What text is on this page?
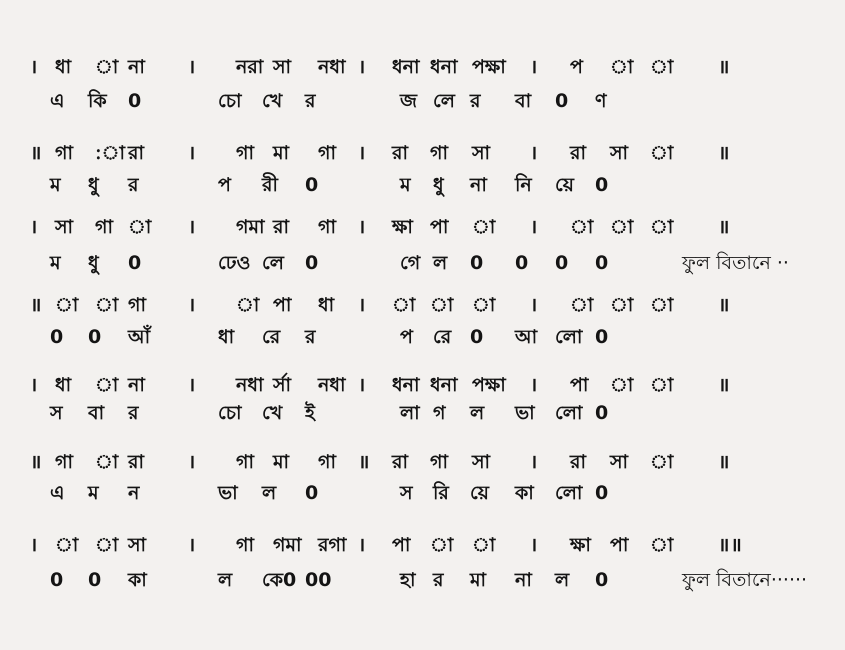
। ধা া না । নরা সা নধা । ধনা ধনা পক্ষা । প া া ॥
এ কি 0	চো খে র	জ লে র বা 0 ণ
॥ গা :া রা । গা মা গা । রা গা সা । রা সা া ॥
ম ধু র	প রী 0	ম ধু না নি য়ে 0
। সা গা া । গমা রা গা । ক্ষা পা া । া া া ॥
ম ধু 0	ঢেও লে 0	গে ল 0 0 0 0	ফুল বিতানে ··
॥ া া গা । া পা ধা । া া া । া া া ॥
0 0 আঁ	ধা রে র	প রে 0 আ লো 0
। ধা া না । নধা র্সা নধা । ধনা ধনা পক্ষা । পা া া ॥
স বা র	চো খে ই	লা গ ল ভা লো 0
॥ গা া রা । গা মা গা ॥ রা গা সা । রা সা া ॥
এ ম ন	ভা ল 0	স রি য়ে কা লো 0
। া া সা । গা গমা রগা । পা া া । ক্ষা পা া ॥॥
0 0 কা	ল কে0 00	হা র মা না ল 0	ফুল বিতানে······
